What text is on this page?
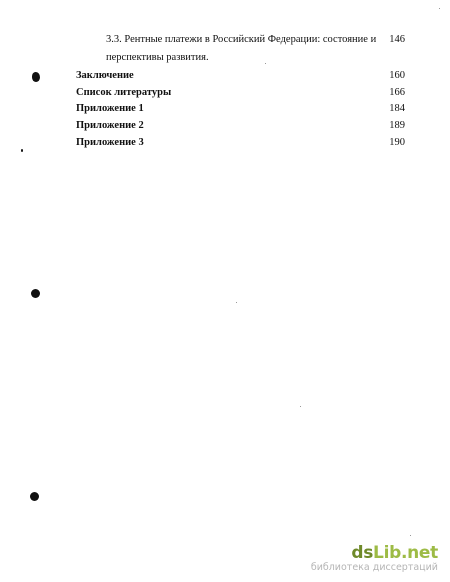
3.3. Рентные платежи в Российский Федерации: состояние и	146
перспективы развития.
Заключение	160
Список литературы	166
Приложение 1	184
Приложение 2	189
Приложение 3	190
dsLib.net
библиотека диссертаций
